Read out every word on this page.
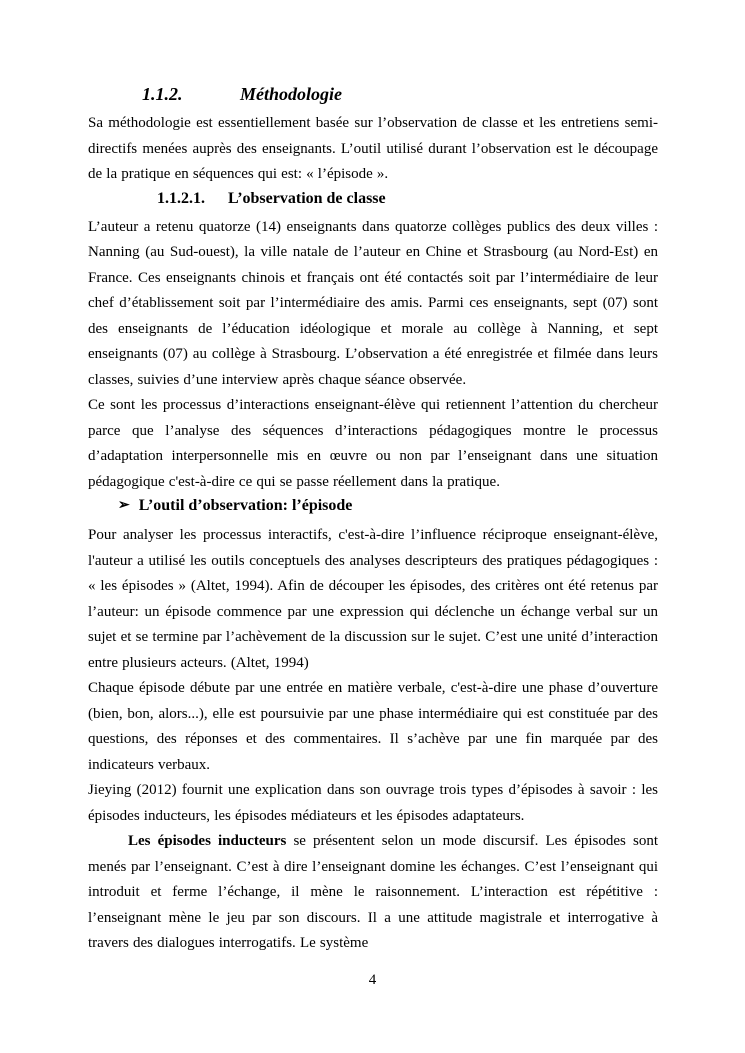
1.1.2.	Méthodologie

Sa méthodologie est essentiellement basée sur l’observation de classe et les entretiens semi-directifs menées auprès des enseignants. L’outil utilisé durant l’observation est le découpage de la pratique en séquences qui est: « l’épisode ».

1.1.2.1. L’observation de classe

L’auteur a retenu quatorze (14) enseignants dans quatorze collèges publics des deux villes : Nanning (au Sud-ouest), la ville natale de l’auteur en Chine et Strasbourg (au Nord-Est) en France. Ces enseignants chinois et français ont été contactés soit par l’intermédiaire de leur chef d’établissement soit par l’intermédiaire des amis. Parmi ces enseignants, sept (07) sont des enseignants de l’éducation idéologique et morale au collège à Nanning, et sept enseignants (07) au collège à Strasbourg. L’observation a été enregistrée et filmée dans leurs classes, suivies d’une interview après chaque séance observée.

Ce sont les processus d’interactions enseignant-élève qui retiennent l’attention du chercheur parce que l’analyse des séquences d’interactions pédagogiques montre le processus d’adaptation interpersonnelle mis en œuvre ou non par l’enseignant dans une situation pédagogique c'est-à-dire ce qui se passe réellement dans la pratique.

➢ L’outil d’observation: l’épisode

Pour analyser les processus interactifs, c'est-à-dire l’influence réciproque enseignant-élève, l'auteur a utilisé les outils conceptuels des analyses descripteurs des pratiques pédagogiques : « les épisodes » (Altet, 1994). Afin de découper les épisodes, des critères ont été retenus par l’auteur: un épisode commence par une expression qui déclenche un échange verbal sur un sujet et se termine par l’achèvement de la discussion sur le sujet. C’est une unité d’interaction entre plusieurs acteurs. (Altet, 1994)

Chaque épisode débute par une entrée en matière verbale, c'est-à-dire une phase d’ouverture (bien, bon, alors...), elle est poursuivie par une phase intermédiaire qui est constituée par des questions, des réponses et des commentaires. Il s’achève par une fin marquée par des indicateurs verbaux.

Jieying (2012) fournit une explication dans son ouvrage trois types d’épisodes à savoir : les épisodes inducteurs, les épisodes médiateurs et les épisodes adaptateurs.

Les épisodes inducteurs se présentent selon un mode discursif. Les épisodes sont menés par l’enseignant. C’est à dire l’enseignant domine les échanges. C’est l’enseignant qui introduit et ferme l’échange, il mène le raisonnement. L’interaction est répétitive : l’enseignant mène le jeu par son discours. Il a une attitude magistrale et interrogative à travers des dialogues interrogatifs. Le système

4
